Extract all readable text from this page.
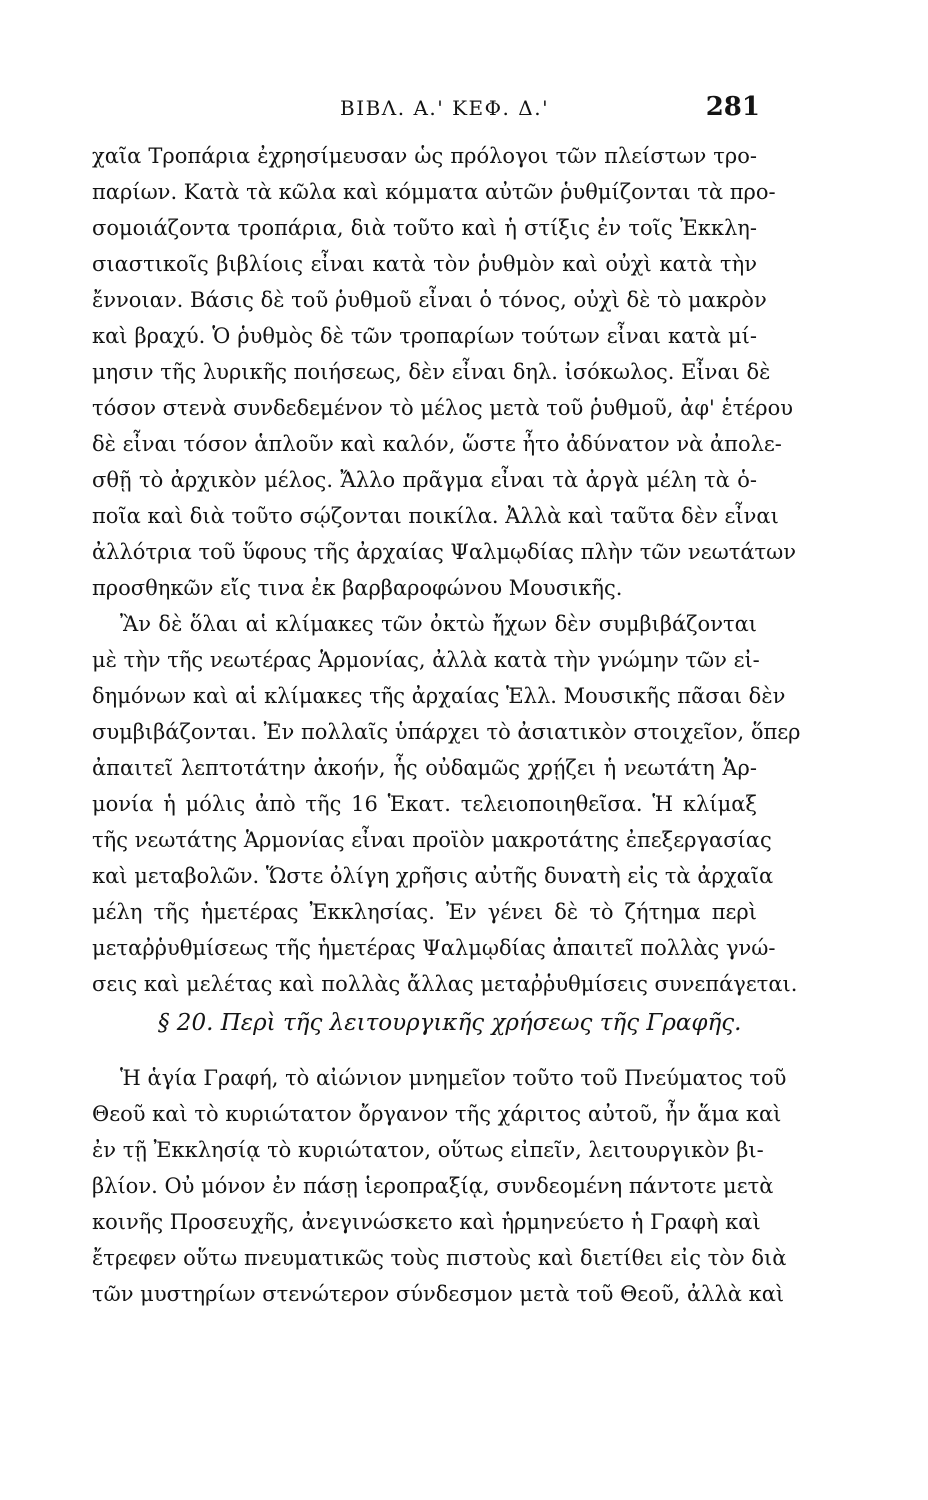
ΒΙΒΛ. Α.' ΚΕΦ. Δ.'	281

χαῖα Τροπάρια ἐχρησίμευσαν ὡς πρόλογοι τῶν πλείστων τρο-

παρίων. Κατὰ τὰ κῶλα καὶ κόμματα αὐτῶν ῥυθμίζονται τὰ προ-

σομοιάζοντα τροπάρια, διὰ τοῦτο καὶ ἡ στίξις ἐν τοῖς Ἐκκλη-

σιαστικοῖς βιβλίοις εἶναι κατὰ τὸν ῥυθμὸν καὶ οὐχὶ κατὰ τὴν

ἔννοιαν. Βάσις δὲ τοῦ ῥυθμοῦ εἶναι ὁ τόνος, οὐχὶ δὲ τὸ μακρὸν

καὶ βραχύ. Ὁ ῥυθμὸς δὲ τῶν τροπαρίων τούτων εἶναι κατὰ μί-

μησιν τῆς λυρικῆς ποιήσεως, δὲν εἶναι δηλ. ἰσόκωλος. Εἶναι δὲ

τόσον στενὰ συνδεδεμένον τὸ μέλος μετὰ τοῦ ῥυθμοῦ, ἀφ' ἑτέρου

δὲ εἶναι τόσον ἁπλοῦν καὶ καλόν, ὥστε ἦτο ἀδύνατον νὰ ἀπολε-

σθῇ τὸ ἀρχικὸν μέλος. Ἄλλο πρᾶγμα εἶναι τὰ ἀργὰ μέλη τὰ ὁ-

ποῖα καὶ διὰ τοῦτο σῴζονται ποικίλα. Ἀλλὰ καὶ ταῦτα δὲν εἶναι

ἀλλότρια τοῦ ὕφους τῆς ἀρχαίας Ψαλμῳδίας πλὴν τῶν νεωτάτων

προσθηκῶν εἴς τινα ἐκ βαρβαροφώνου Μουσικῆς.

Ἂν δὲ ὅλαι αἱ κλίμακες τῶν ὀκτὼ ἤχων δὲν συμβιβάζονται

μὲ τὴν τῆς νεωτέρας Ἁρμονίας, ἀλλὰ κατὰ τὴν γνώμην τῶν εἰ-

δημόνων καὶ αἱ κλίμακες τῆς ἀρχαίας Ἑλλ. Μουσικῆς πᾶσαι δὲν

συμβιβάζονται. Ἐν πολλαῖς ὑπάρχει τὸ ἀσιατικὸν στοιχεῖον, ὅπερ

ἀπαιτεῖ λεπτοτάτην ἀκοήν, ἧς οὐδαμῶς χρῄζει ἡ νεωτάτη Ἁρ-

μονία ἡ μόλις ἀπὸ τῆς 16 Ἑκατ. τελειοποιηθεῖσα. Ἡ κλίμαξ

τῆς νεωτάτης Ἁρμονίας εἶναι προϊὸν μακροτάτης ἐπεξεργασίας

καὶ μεταβολῶν. Ὥστε ὀλίγη χρῆσις αὐτῆς δυνατὴ εἰς τὰ ἀρχαῖα

μέλη τῆς ἡμετέρας Ἐκκλησίας. Ἐν γένει δὲ τὸ ζήτημα περὶ

μεταῤῥυθμίσεως τῆς ἡμετέρας Ψαλμῳδίας ἀπαιτεῖ πολλὰς γνώ-

σεις καὶ μελέτας καὶ πολλὰς ἄλλας μεταῤῥυθμίσεις συνεπάγεται.

§ 20. Περὶ τῆς λειτουργικῆς χρήσεως τῆς Γραφῆς.

Ἡ ἁγία Γραφή, τὸ αἰώνιον μνημεῖον τοῦτο τοῦ Πνεύματος τοῦ

Θεοῦ καὶ τὸ κυριώτατον ὄργανον τῆς χάριτος αὐτοῦ, ἦν ἅμα καὶ

ἐν τῇ Ἐκκλησίᾳ τὸ κυριώτατον, οὕτως εἰπεῖν, λειτουργικὸν βι-

βλίον. Οὐ μόνον ἐν πάσῃ ἱεροπραξίᾳ, συνδεομένη πάντοτε μετὰ

κοινῆς Προσευχῆς, ἀνεγινώσκετο καὶ ἡρμηνεύετο ἡ Γραφὴ καὶ

ἔτρεφεν οὕτω πνευματικῶς τοὺς πιστοὺς καὶ διετίθει εἰς τὸν διὰ

τῶν μυστηρίων στενώτερον σύνδεσμον μετὰ τοῦ Θεοῦ, ἀλλὰ καὶ
